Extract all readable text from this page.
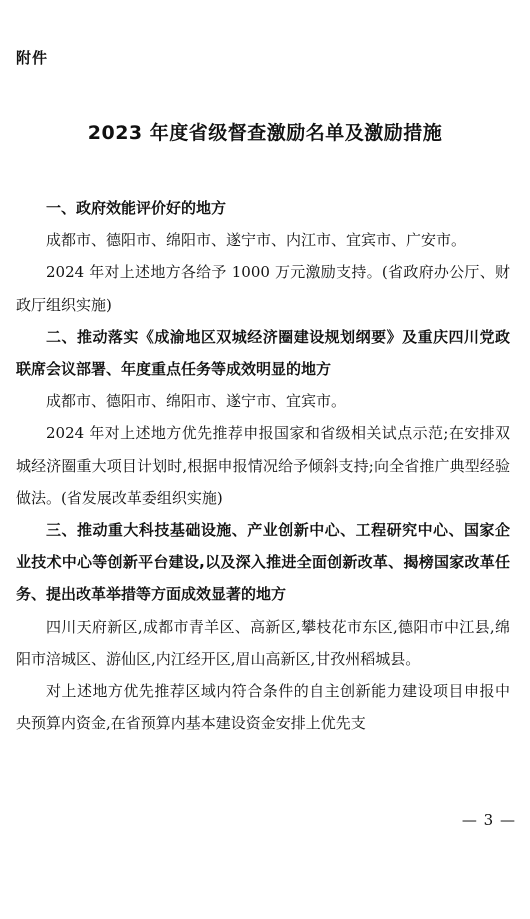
附件
2023 年度省级督查激励名单及激励措施

一、政府效能评价好的地方

成都市、德阳市、绵阳市、遂宁市、内江市、宜宾市、广安市。

2024 年对上述地方各给予 1000 万元激励支持。(省政府办公厅、财政厅组织实施)

二、推动落实《成渝地区双城经济圈建设规划纲要》及重庆四川党政联席会议部署、年度重点任务等成效明显的地方

成都市、德阳市、绵阳市、遂宁市、宜宾市。

2024 年对上述地方优先推荐申报国家和省级相关试点示范;在安排双城经济圈重大项目计划时,根据申报情况给予倾斜支持;向全省推广典型经验做法。(省发展改革委组织实施)

三、推动重大科技基础设施、产业创新中心、工程研究中心、国家企业技术中心等创新平台建设,以及深入推进全面创新改革、揭榜国家改革任务、提出改革举措等方面成效显著的地方

四川天府新区,成都市青羊区、高新区,攀枝花市东区,德阳市中江县,绵阳市涪城区、游仙区,内江经开区,眉山高新区,甘孜州稻城县。

对上述地方优先推荐区域内符合条件的自主创新能力建设项目申报中央预算内资金,在省预算内基本建设资金安排上优先支

— 3 —
